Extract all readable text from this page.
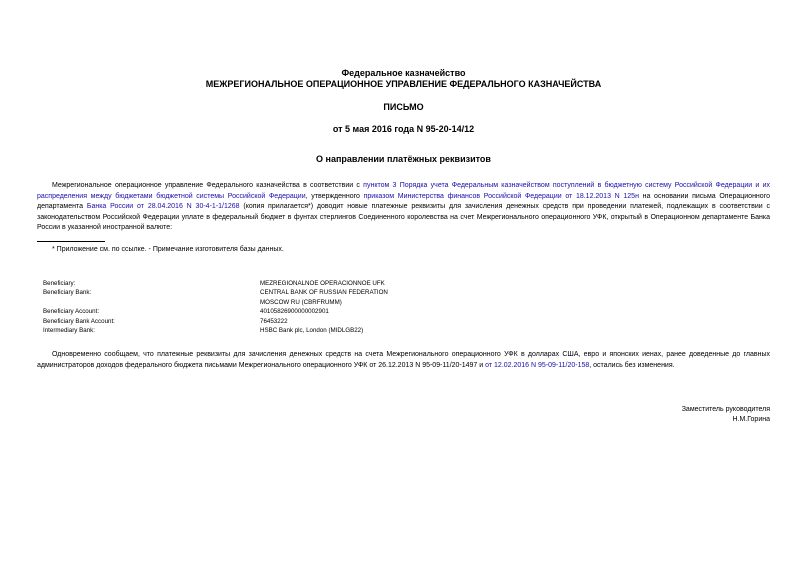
Федеральное казначейство
МЕЖРЕГИОНАЛЬНОЕ ОПЕРАЦИОННОЕ УПРАВЛЕНИЕ ФЕДЕРАЛЬНОГО КАЗНАЧЕЙСТВА
ПИСЬМО
от 5 мая 2016 года N 95-20-14/12
О направлении платёжных реквизитов
Межрегиональное операционное управление Федерального казначейства в соответствии с пунктом 3 Порядка учета Федеральным казначейством поступлений в бюджетную систему Российской Федерации и их распределения между бюджетами бюджетной системы Российской Федерации, утвержденного приказом Министерства финансов Российской Федерации от 18.12.2013 N 125н на основании письма Операционного департамента Банка России от 28.04.2016 N 30-4-1-1/1268 (копия прилагается*) доводит новые платежные реквизиты для зачисления денежных средств при проведении платежей, подлежащих в соответствии с законодательством Российской Федерации уплате в федеральный бюджет в фунтах стерлингов Соединенного королевства на счет Межрегионального операционного УФК, открытый в Операционном департаменте Банка России в указанной иностранной валюте:
* Приложение см. по ссылке. - Примечание изготовителя базы данных.
Beneficiary:	MEZREGIONALNOE OPERACIONNOE UFK
Beneficiary Bank:	CENTRAL BANK OF RUSSIAN FEDERATION
MOSCOW RU (CBRFRUMM)
Beneficiary Account:	40105826900000002901
Beneficiary Bank Account:	76453222
Intermediary Bank:	HSBC Bank plc, London (MIDLGB22)
Одновременно сообщаем, что платежные реквизиты для зачисления денежных средств на счета Межрегионального операционного УФК в долларах США, евро и японских иенах, ранее доведенные до главных администраторов доходов федерального бюджета письмами Межрегионального операционного УФК от 26.12.2013 N 95-09-11/20-1497 и от 12.02.2016 N 95-09-11/20-158, остались без изменения.
Заместитель руководителя
Н.М.Горина
